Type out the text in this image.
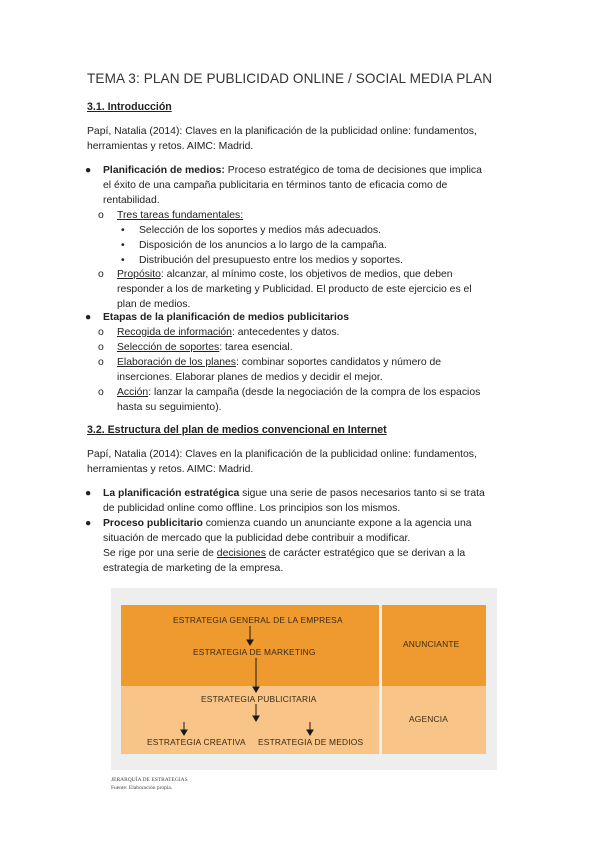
TEMA 3: PLAN DE PUBLICIDAD ONLINE / SOCIAL MEDIA PLAN
3.1. Introducción
Papí, Natalia (2014): Claves en la planificación de la publicidad online: fundamentos,
herramientas y retos. AIMC: Madrid.
● Planificación de medios: Proceso estratégico de toma de decisiones que implica
el éxito de una campaña publicitaria en términos tanto de eficacia como de
rentabilidad.
o Tres tareas fundamentales:
• Selección de los soportes y medios más adecuados.
• Disposición de los anuncios a lo largo de la campaña.
• Distribución del presupuesto entre los medios y soportes.
o Propósito: alcanzar, al mínimo coste, los objetivos de medios, que deben
responder a los de marketing y Publicidad. El producto de este ejercicio es el
plan de medios.
● Etapas de la planificación de medios publicitarios
o Recogida de información: antecedentes y datos.
o Selección de soportes: tarea esencial.
o Elaboración de los planes: combinar soportes candidatos y número de
inserciones. Elaborar planes de medios y decidir el mejor.
o Acción: lanzar la campaña (desde la negociación de la compra de los espacios
hasta su seguimiento).
3.2. Estructura del plan de medios convencional en Internet
Papí, Natalia (2014): Claves en la planificación de la publicidad online: fundamentos,
herramientas y retos. AIMC: Madrid.
● La planificación estratégica sigue una serie de pasos necesarios tanto si se trata
de publicidad online como offline. Los principios son los mismos.
● Proceso publicitario comienza cuando un anunciante expone a la agencia una
situación de mercado que la publicidad debe contribuir a modificar.
Se rige por una serie de decisiones de carácter estratégico que se derivan a la
estrategia de marketing de la empresa.
ESTRATEGIA GENERAL DE LA EMPRESA
ESTRATEGIA DE MARKETING
ESTRATEGIA PUBLICITARIA
ESTRATEGIA CREATIVA ESTRATEGIA DE MEDIOS
ANUNCIANTE
AGENCIA
JERARQUÍA DE ESTRATEGIAS
Fuente: Elaboración propia.
